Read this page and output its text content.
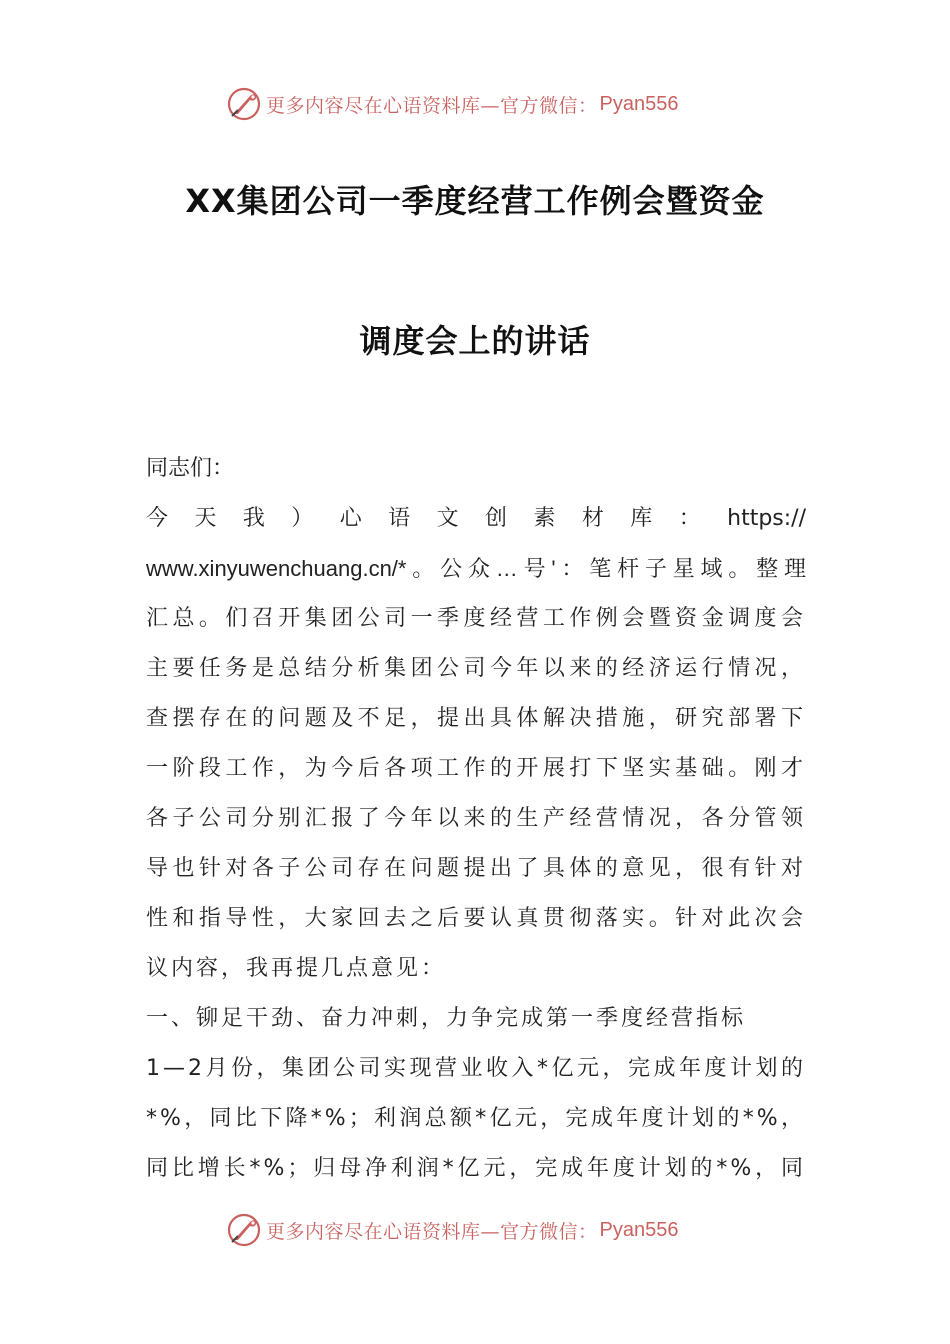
更多内容尽在心语资料库—官方微信： Pyan556
XX集团公司一季度经营工作例会暨资金
调度会上的讲话

同志们：

今天我）心语文创素材库：https://

www.xinyuwenchuang.cn/*。公众…号'：笔杆子星域。整理

汇总。们召开集团公司一季度经营工作例会暨资金调度会

主要任务是总结分析集团公司今年以来的经济运行情况，

查摆存在的问题及不足，提出具体解决措施，研究部署下

一阶段工作，为今后各项工作的开展打下坚实基础。刚才

各子公司分别汇报了今年以来的生产经营情况，各分管领

导也针对各子公司存在问题提出了具体的意见，很有针对

性和指导性，大家回去之后要认真贯彻落实。针对此次会

议内容，我再提几点意见：

一、铆足干劲、奋力冲刺，力争完成第一季度经营指标

1—2月份，集团公司实现营业收入*亿元，完成年度计划的

*%，同比下降*%；利润总额*亿元，完成年度计划的*%，

同比增长*%；归母净利润*亿元，完成年度计划的*%，同

更多内容尽在心语资料库—官方微信： Pyan556
